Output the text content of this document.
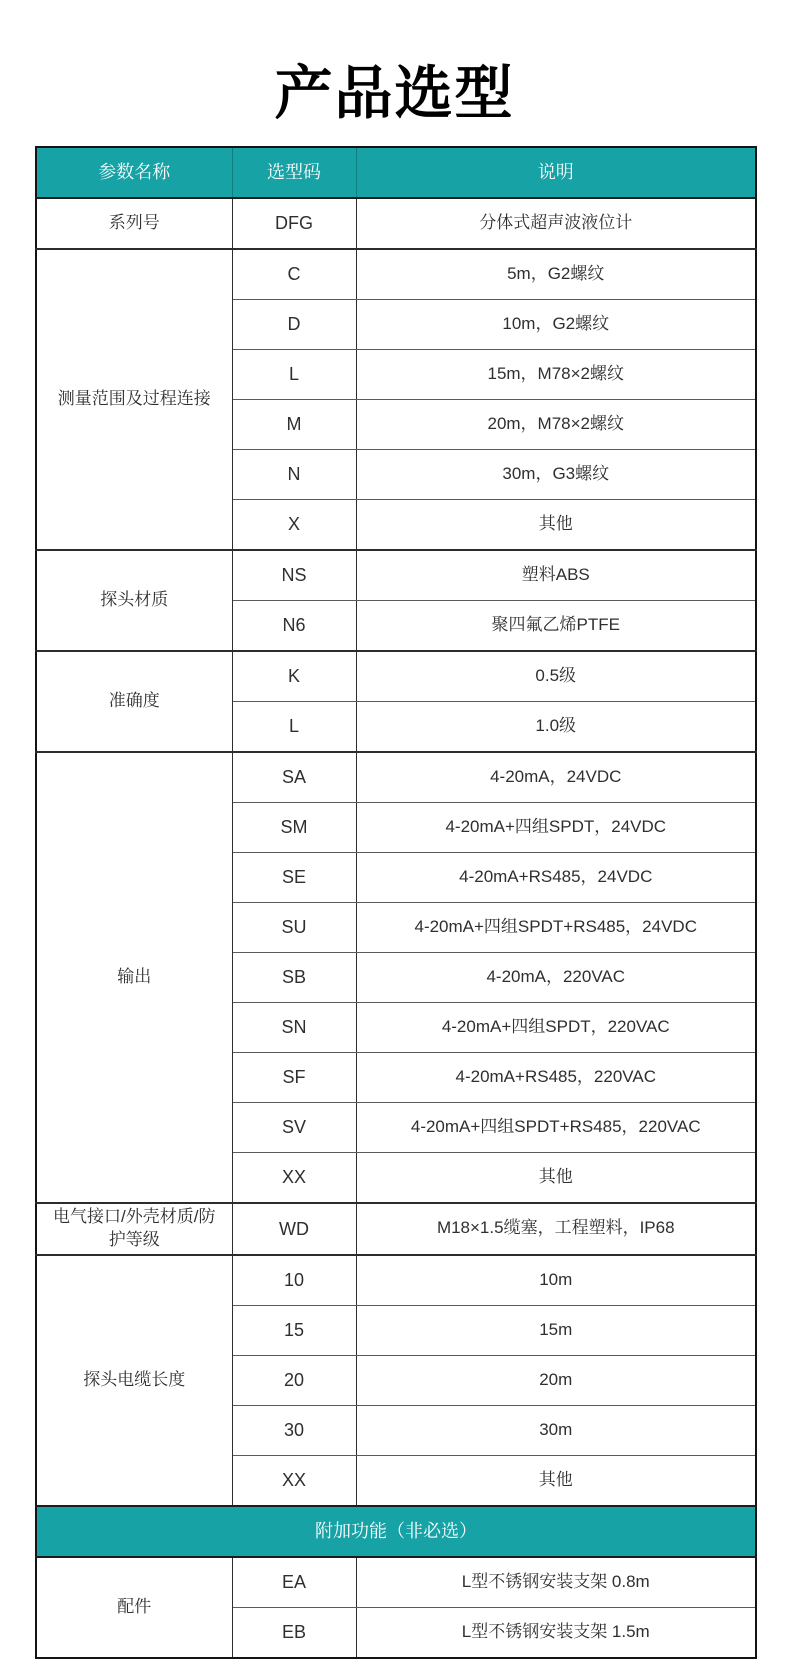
产品选型
参数名称	选型码	说明
系列号	DFG	分体式超声波液位计
测量范围及过程连接	C	5m，G2螺纹
	D	10m，G2螺纹
	L	15m，M78×2螺纹
	M	20m，M78×2螺纹
	N	30m，G3螺纹
	X	其他
探头材质	NS	塑料ABS
	N6	聚四氟乙烯PTFE
准确度	K	0.5级
	L	1.0级
输出	SA	4-20mA，24VDC
	SM	4-20mA+四组SPDT，24VDC
	SE	4-20mA+RS485，24VDC
	SU	4-20mA+四组SPDT+RS485，24VDC
	SB	4-20mA，220VAC
	SN	4-20mA+四组SPDT，220VAC
	SF	4-20mA+RS485，220VAC
	SV	4-20mA+四组SPDT+RS485，220VAC
	XX	其他
电气接口/外壳材质/防护等级	WD	M18×1.5缆塞，工程塑料，IP68
探头电缆长度	10	10m
	15	15m
	20	20m
	30	30m
	XX	其他
附加功能（非必选）		
配件	EA	L型不锈钢安装支架 0.8m
	EB	L型不锈钢安装支架 1.5m
